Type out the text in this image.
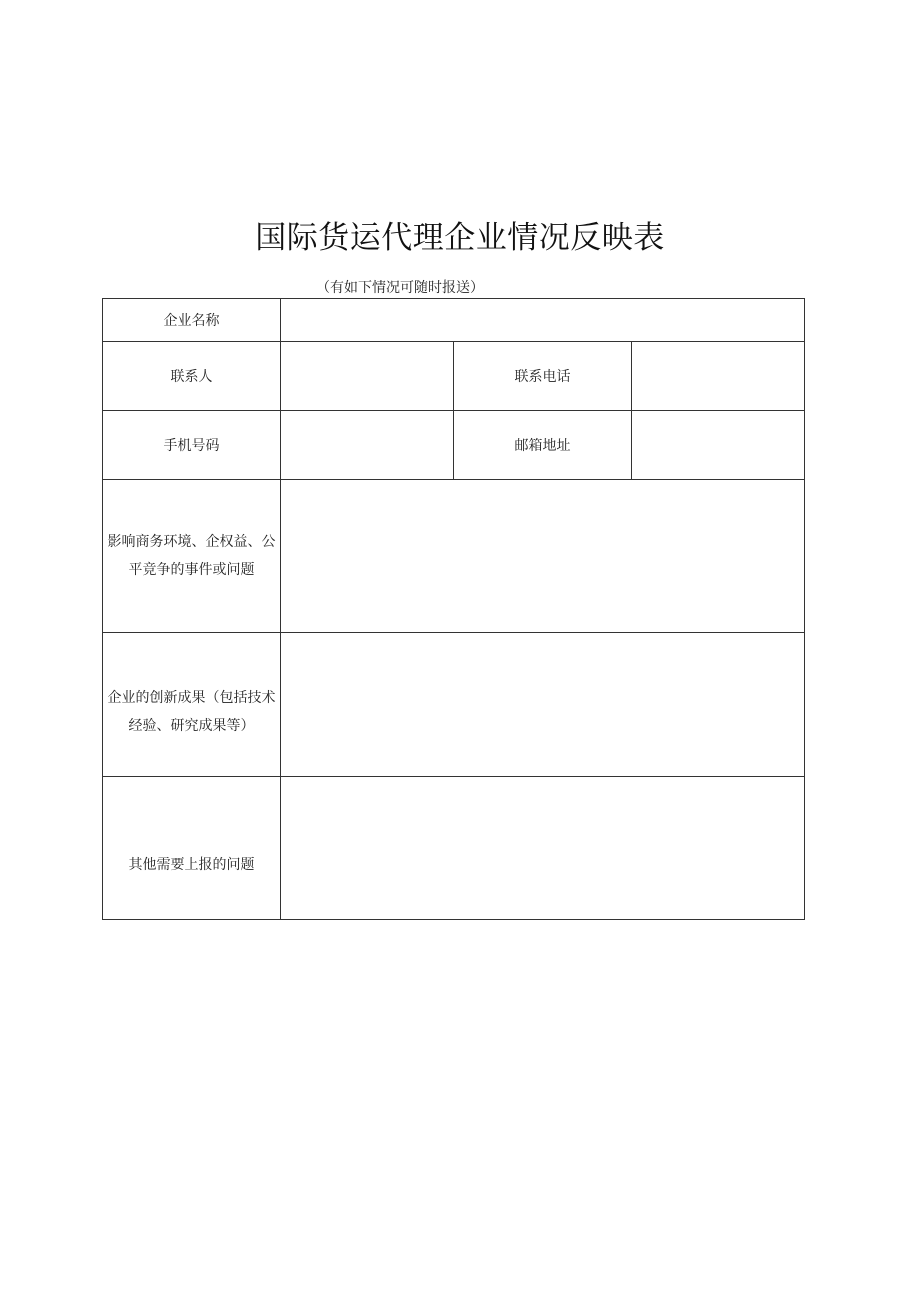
国际货运代理企业情况反映表
（有如下情况可随时报送）
企业名称			
联系人		联系电话	
手机号码		邮箱地址	

影响商务环境、企权益、公
平竞争的事件或问题			

企业的创新成果（包括技术
经验、研究成果等）			

其他需要上报的问题			
